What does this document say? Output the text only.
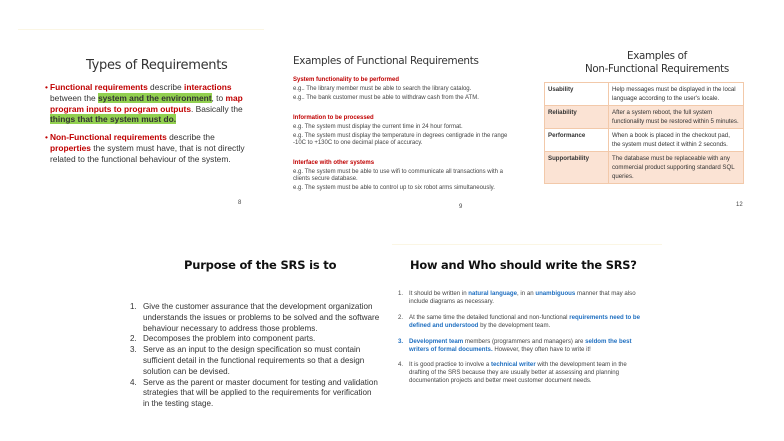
Types of Requirements
• Functional requirements describe interactions between the system and the environment, to map program inputs to program outputs. Basically the things that the system must do.
• Non-Functional requirements describe the properties the system must have, that is not directly related to the functional behaviour of the system.
8
Examples of Functional Requirements
System functionality to be performed
e.g.. The library member must be able to search the library catalog.
e.g.. The bank customer must be able to withdraw cash from the ATM.
Information to be processed
e.g. The system must display the current time in 24 hour format.
e.g. The system must display the temperature in degrees centigrade in the range -10C to +130C to one decimal place of accuracy.
Interface with other systems
e.g. The system must be able to use wifi to communicate all transactions with a clients secure database.
e.g. The system must be able to control up to six robot arms simultaneously.
9
Examples of
Non-Functional Requirements
Usability	Help messages must be displayed in the local language according to the user's locale.
Reliability	After a system reboot, the full system functionality must be restored within 5 minutes.
Performance	When a book is placed in the checkout pad, the system must detect it within 2 seconds.
Supportability	The database must be replaceable with any commercial product supporting standard SQL queries.
12
Purpose of the SRS is to
1. Give the customer assurance that the development organization understands the issues or problems to be solved and the software behaviour necessary to address those problems.
2. Decomposes the problem into component parts.
3. Serve as an input to the design specification so must contain sufficient detail in the functional requirements so that a design solution can be devised.
4. Serve as the parent or master document for testing and validation strategies that will be applied to the requirements for verification in the testing stage.
How and Who should write the SRS?
1. It should be written in natural language, in an unambiguous manner that may also include diagrams as necessary.
2. At the same time the detailed functional and non-functional requirements need to be defined and understood by the development team.
3. Development team members (programmers and managers) are seldom the best writers of formal documents. However, they often have to write it!
4. It is good practice to involve a technical writer with the development team in the drafting of the SRS because they are usually better at assessing and planning documentation projects and better meet customer document needs.
